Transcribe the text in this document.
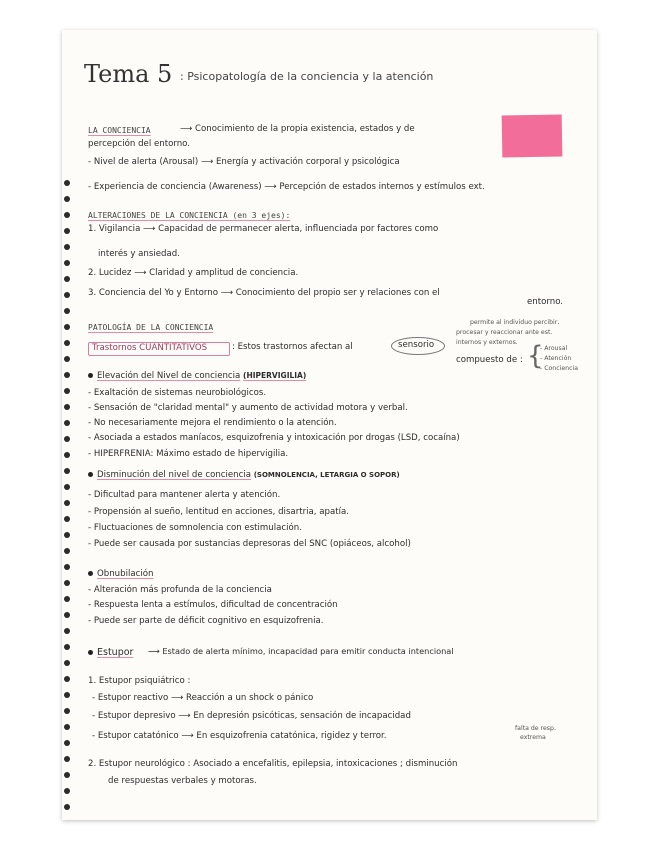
Tema 5 : Psicopatología de la conciencia y la atención
LA CONCIENCIA	⟶ Conocimiento de la propia existencia, estados y de
percepción del entorno.
- Nivel de alerta (Arousal) ⟶ Energía y activación corporal y psicológica
- Experiencia de conciencia (Awareness) ⟶ Percepción de estados internos y estímulos ext.
ALTERACIONES DE LA CONCIENCIA (en 3 ejes):
1. Vigilancia ⟶ Capacidad de permanecer alerta, influenciada por factores como
interés y ansiedad.
2. Lucidez ⟶ Claridad y amplitud de conciencia.
3. Conciencia del Yo y Entorno ⟶ Conocimiento del propio ser y relaciones con el
entorno.
PATOLOGÍA DE LA CONCIENCIA
permite al individuo percibir,
procesar y reaccionar ante est.
internos y externos.
compuesto de : {
- Arousal
- Atención
- Conciencia
Trastornos CUANTITATIVOS	: Estos trastornos afectan al	sensorio
Elevación del Nivel de conciencia (HIPERVIGILIA)
- Exaltación de sistemas neurobiológicos.
- Sensación de "claridad mental" y aumento de actividad motora y verbal.
- No necesariamente mejora el rendimiento o la atención.
- Asociada a estados maníacos, esquizofrenia y intoxicación por drogas (LSD, cocaína)
- HIPERFRENIA: Máximo estado de hipervigilia.
Disminución del nivel de conciencia (SOMNOLENCIA, LETARGIA O SOPOR)
- Dificultad para mantener alerta y atención.
- Propensión al sueño, lentitud en acciones, disartria, apatía.
- Fluctuaciones de somnolencia con estimulación.
- Puede ser causada por sustancias depresoras del SNC (opiáceos, alcohol)
Obnubilación
- Alteración más profunda de la conciencia
- Respuesta lenta a estímulos, dificultad de concentración
- Puede ser parte de déficit cognitivo en esquizofrenia.
Estupor ⟶ Estado de alerta mínimo, incapacidad para emitir conducta intencional
1. Estupor psiquiátrico :
- Estupor reactivo ⟶ Reacción a un shock o pánico
- Estupor depresivo ⟶ En depresión psicóticas, sensación de incapacidad
- Estupor catatónico ⟶ En esquizofrenia catatónica, rigidez y terror.
falta de resp.
extrema
2. Estupor neurológico : Asociado a encefalitis, epilepsia, intoxicaciones ; disminución
de respuestas verbales y motoras.
